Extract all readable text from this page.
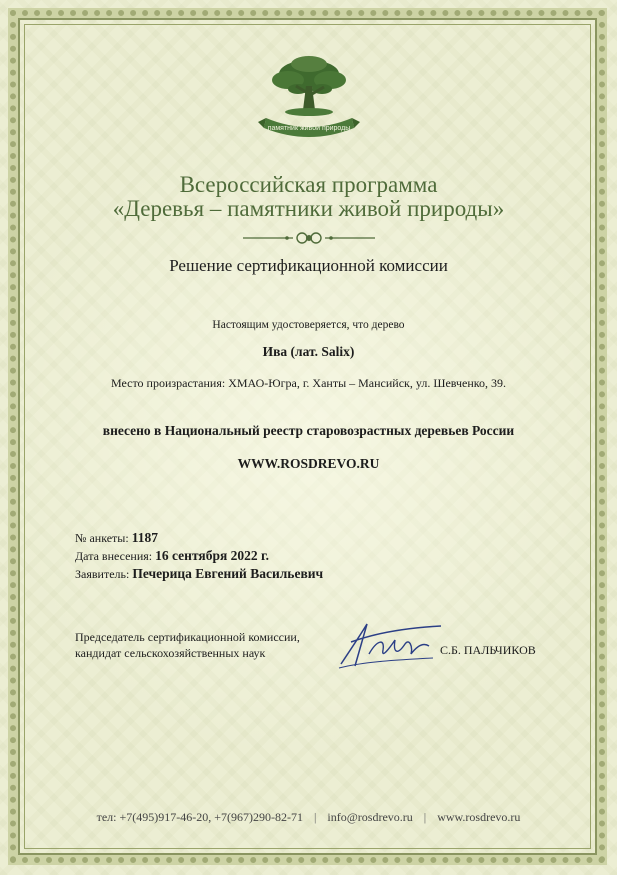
памятник живой природы
Всероссийская программа
«Деревья – памятники живой природы»
Решение сертификационной комиссии
Настоящим удостоверяется, что дерево
Ива (лат. Salix)
Место произрастания: ХМАО-Югра, г. Ханты – Мансийск, ул. Шевченко, 39.
внесено в Национальный реестр старовозрастных деревьев России
WWW.ROSDREVO.RU
№ анкеты: 1187
Дата внесения: 16 сентября 2022 г.
Заявитель: Печерица Евгений Васильевич
Председатель сертификационной комиссии,
кандидат сельскохозяйственных наук	С.Б. ПАЛЬЧИКОВ
тел: +7(495)917-46-20, +7(967)290-82-71 | info@rosdrevo.ru | www.rosdrevo.ru
